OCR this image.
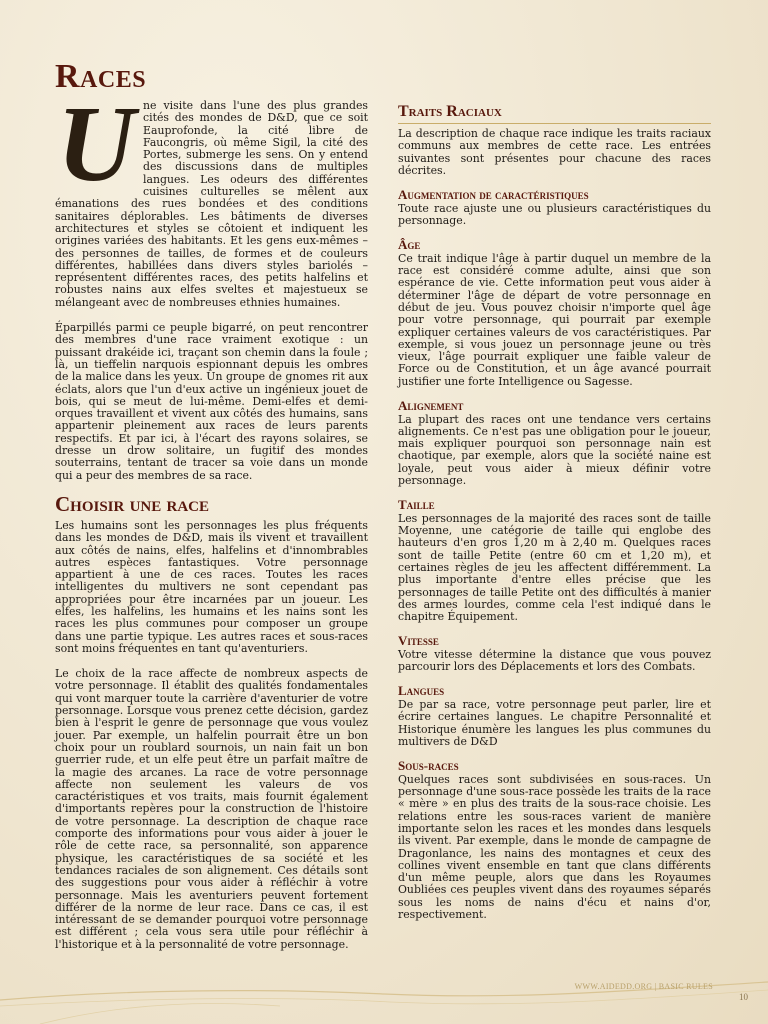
Races

Une visite dans l'une des plus grandes cités des mondes de D&D, que ce soit Eauprofonde, la cité libre de Faucongris, où même Sigil, la cité des Portes, submerge les sens. On y entend des discussions dans de multiples langues. Les odeurs des différentes cuisines culturelles se mêlent aux émanations des rues bondées et des conditions sanitaires déplorables. Les bâtiments de diverses architectures et styles se côtoient et indiquent les origines variées des habitants. Et les gens eux-mêmes – des personnes de tailles, de formes et de couleurs différentes, habillées dans divers styles bariolés – représentent différentes races, des petits halfelins et robustes nains aux elfes sveltes et majestueux se mélangeant avec de nombreuses ethnies humaines.

Éparpillés parmi ce peuple bigarré, on peut rencontrer des membres d'une race vraiment exotique : un puissant drakéide ici, traçant son chemin dans la foule ; là, un tieffelin narquois espionnant depuis les ombres de la malice dans les yeux. Un groupe de gnomes rit aux éclats, alors que l'un d'eux active un ingénieux jouet de bois, qui se meut de lui-même. Demi-elfes et demi-orques travaillent et vivent aux côtés des humains, sans appartenir pleinement aux races de leurs parents respectifs. Et par ici, à l'écart des rayons solaires, se dresse un drow solitaire, un fugitif des mondes souterrains, tentant de tracer sa voie dans un monde qui a peur des membres de sa race.

Choisir une race

Les humains sont les personnages les plus fréquents dans les mondes de D&D, mais ils vivent et travaillent aux côtés de nains, elfes, halfelins et d'innombrables autres espèces fantastiques. Votre personnage appartient à une de ces races. Toutes les races intelligentes du multivers ne sont cependant pas appropriées pour être incarnées par un joueur. Les elfes, les halfelins, les humains et les nains sont les races les plus communes pour composer un groupe dans une partie typique. Les autres races et sous-races sont moins fréquentes en tant qu'aventuriers.

Le choix de la race affecte de nombreux aspects de votre personnage. Il établit des qualités fondamentales qui vont marquer toute la carrière d'aventurier de votre personnage. Lorsque vous prenez cette décision, gardez bien à l'esprit le genre de personnage que vous voulez jouer. Par exemple, un halfelin pourrait être un bon choix pour un roublard sournois, un nain fait un bon guerrier rude, et un elfe peut être un parfait maître de la magie des arcanes. La race de votre personnage affecte non seulement les valeurs de vos caractéristiques et vos traits, mais fournit également d'importants repères pour la construction de l'histoire de votre personnage. La description de chaque race comporte des informations pour vous aider à jouer le rôle de cette race, sa personnalité, son apparence physique, les caractéristiques de sa société et les tendances raciales de son alignement. Ces détails sont des suggestions pour vous aider à réfléchir à votre personnage. Mais les aventuriers peuvent fortement différer de la norme de leur race. Dans ce cas, il est intéressant de se demander pourquoi votre personnage est différent ; cela vous sera utile pour réfléchir à l'historique et à la personnalité de votre personnage.

Traits Raciaux

La description de chaque race indique les traits raciaux communs aux membres de cette race. Les entrées suivantes sont présentes pour chacune des races décrites.

Augmentation de caractéristiques

Toute race ajuste une ou plusieurs caractéristiques du personnage.

Âge

Ce trait indique l'âge à partir duquel un membre de la race est considéré comme adulte, ainsi que son espérance de vie. Cette information peut vous aider à déterminer l'âge de départ de votre personnage en début de jeu. Vous pouvez choisir n'importe quel âge pour votre personnage, qui pourrait par exemple expliquer certaines valeurs de vos caractéristiques. Par exemple, si vous jouez un personnage jeune ou très vieux, l'âge pourrait expliquer une faible valeur de Force ou de Constitution, et un âge avancé pourrait justifier une forte Intelligence ou Sagesse.

Alignement

La plupart des races ont une tendance vers certains alignements. Ce n'est pas une obligation pour le joueur, mais expliquer pourquoi son personnage nain est chaotique, par exemple, alors que la société naine est loyale, peut vous aider à mieux définir votre personnage.

Taille

Les personnages de la majorité des races sont de taille Moyenne, une catégorie de taille qui englobe des hauteurs d'en gros 1,20 m à 2,40 m. Quelques races sont de taille Petite (entre 60 cm et 1,20 m), et certaines règles de jeu les affectent différemment. La plus importante d'entre elles précise que les personnages de taille Petite ont des difficultés à manier des armes lourdes, comme cela l'est indiqué dans le chapitre Équipement.

Vitesse

Votre vitesse détermine la distance que vous pouvez parcourir lors des Déplacements et lors des Combats.

Langues

De par sa race, votre personnage peut parler, lire et écrire certaines langues. Le chapitre Personnalité et Historique énumère les langues les plus communes du multivers de D&D

Sous-races

Quelques races sont subdivisées en sous-races. Un personnage d'une sous-race possède les traits de la race « mère » en plus des traits de la sous-race choisie. Les relations entre les sous-races varient de manière importante selon les races et les mondes dans lesquels ils vivent. Par exemple, dans le monde de campagne de Dragonlance, les nains des montagnes et ceux des collines vivent ensemble en tant que clans différents d'un même peuple, alors que dans les Royaumes Oubliées ces peuples vivent dans des royaumes séparés sous les noms de nains d'écu et nains d'or, respectivement.

WWW.AIDEDD.ORG | BASIC RULES
10
